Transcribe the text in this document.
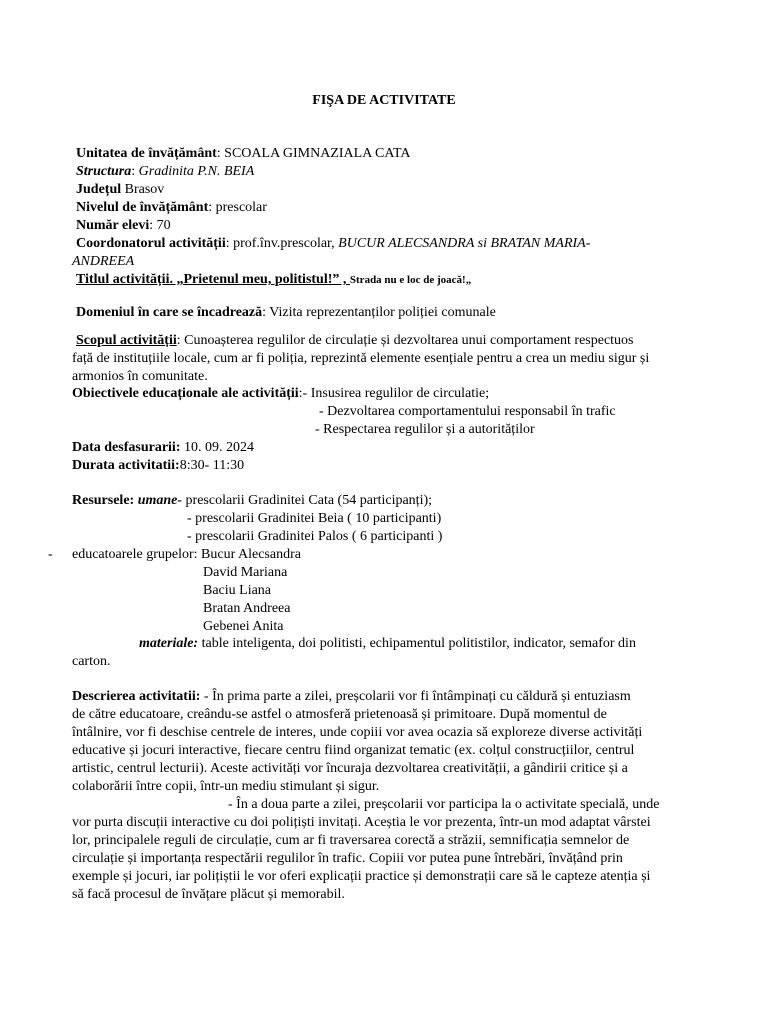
FIŞA DE ACTIVITATE
Unitatea de învățământ: SCOALA GIMNAZIALA CATA
Structura: Gradinita P.N. BEIA
Județul Brasov
Nivelul de învățământ: prescolar
Număr elevi: 70
Coordonatorul activității: prof.înv.prescolar, BUCUR ALECSANDRA si BRATAN MARIA-
ANDREEA
Titlul activității. „Prietenul meu, politistul!” , Strada nu e loc de joacă!„
Domeniul în care se încadrează: Vizita reprezentanților poliției comunale
Scopul activității: Cunoașterea regulilor de circulație și dezvoltarea unui comportament respectuos
față de instituțiile locale, cum ar fi poliția, reprezintă elemente esențiale pentru a crea un mediu sigur și
armonios în comunitate.
Obiectivele educaționale ale activității:- Insusirea regulilor de circulatie;
- Dezvoltarea comportamentului responsabil în trafic
- Respectarea regulilor și a autorităților
Data desfasurarii: 10. 09. 2024
Durata activitatii:8:30- 11:30
Resursele: umane- prescolarii Gradinitei Cata (54 participanți);
- prescolarii Gradinitei Beia ( 10 participanti)
- prescolarii Gradinitei Palos ( 6 participanti )
- educatoarele grupelor: Bucur Alecsandra
David Mariana
Baciu Liana
Bratan Andreea
Gebenei Anita
materiale: table inteligenta, doi politisti, echipamentul politistilor, indicator, semafor din
carton.
Descrierea activitatii: - În prima parte a zilei, preșcolarii vor fi întâmpinați cu căldură și entuziasm
de către educatoare, creându-se astfel o atmosferă prietenoasă și primitoare. După momentul de
întâlnire, vor fi deschise centrele de interes, unde copiii vor avea ocazia să exploreze diverse activități
educative și jocuri interactive, fiecare centru fiind organizat tematic (ex. colțul construcțiilor, centrul
artistic, centrul lecturii). Aceste activități vor încuraja dezvoltarea creativității, a gândirii critice și a
colaborării între copii, într-un mediu stimulant și sigur.
- În a doua parte a zilei, preșcolarii vor participa la o activitate specială, unde
vor purta discuții interactive cu doi polițiști invitați. Aceștia le vor prezenta, într-un mod adaptat vârstei
lor, principalele reguli de circulație, cum ar fi traversarea corectă a străzii, semnificația semnelor de
circulație și importanța respectării regulilor în trafic. Copiii vor putea pune întrebări, învățând prin
exemple și jocuri, iar polițiștii le vor oferi explicații practice și demonstrații care să le capteze atenția și
să facă procesul de învățare plăcut și memorabil.
